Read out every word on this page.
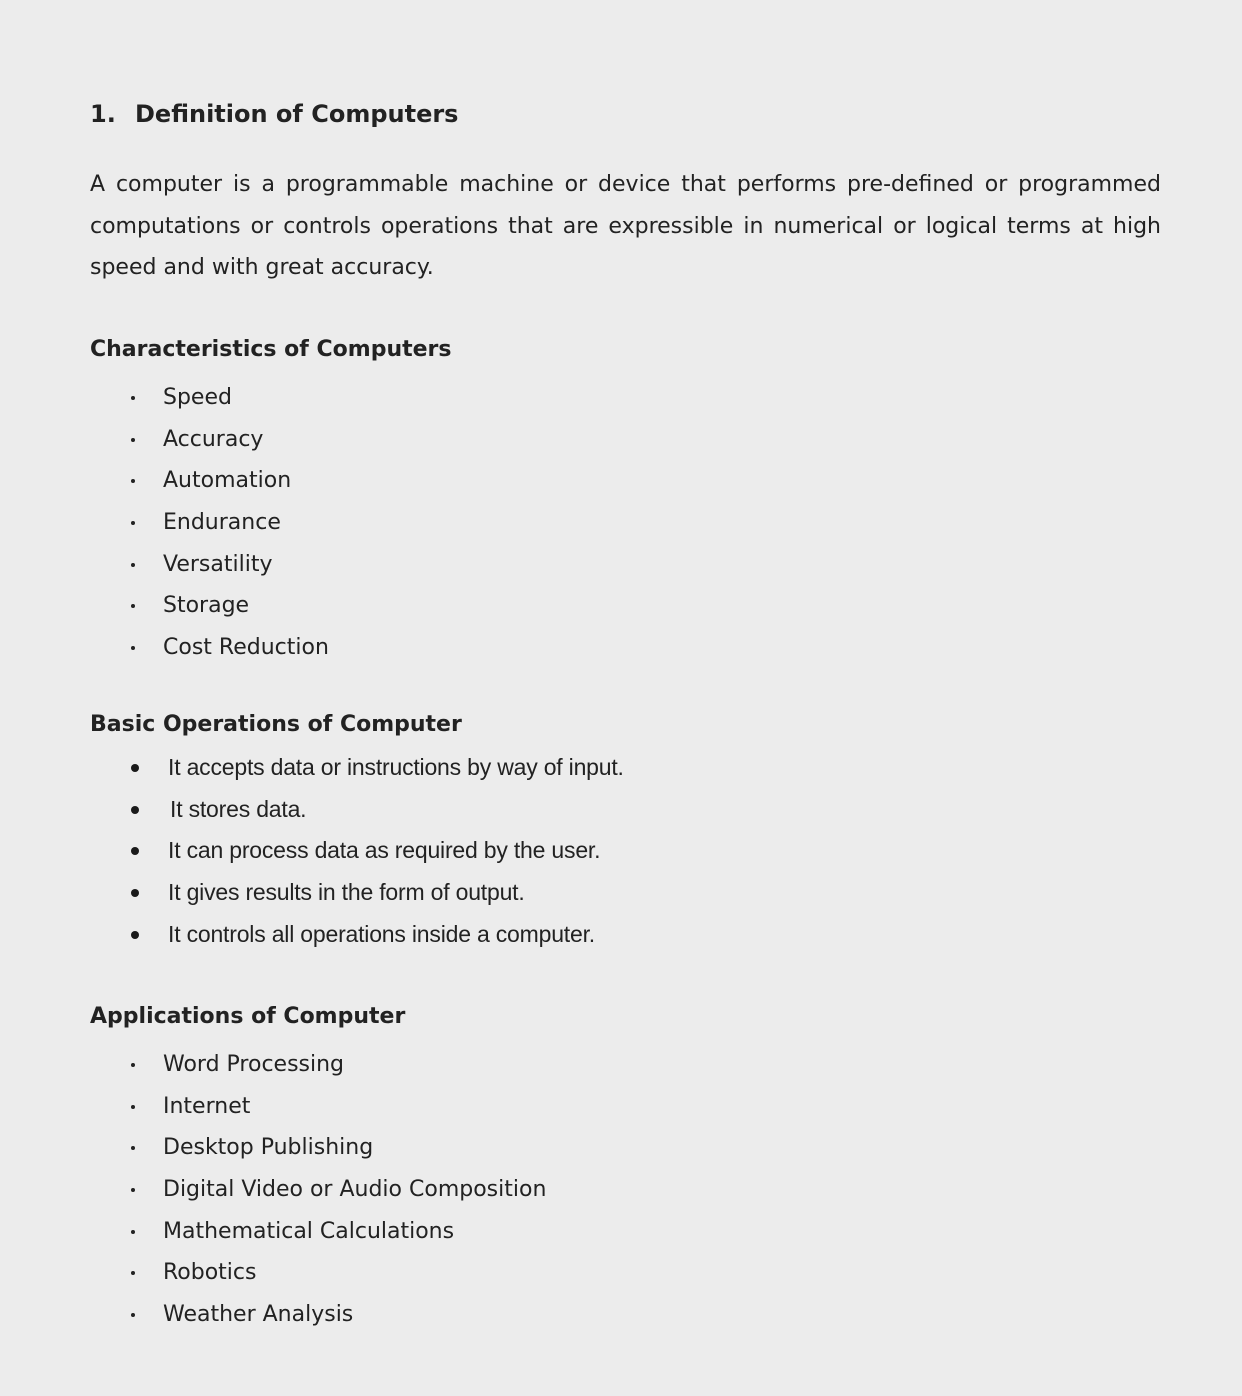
1. Definition of Computers

A computer is a programmable machine or device that performs pre-defined or programmed computations or controls operations that are expressible in numerical or logical terms at high speed and with great accuracy.

Characteristics of Computers
Speed
Accuracy
Automation
Endurance
Versatility
Storage
Cost Reduction
Basic Operations of Computer
It accepts data or instructions by way of input.
It stores data.
It can process data as required by the user.
It gives results in the form of output.
It controls all operations inside a computer.
Applications of Computer
Word Processing
Internet
Desktop Publishing
Digital Video or Audio Composition
Mathematical Calculations
Robotics
Weather Analysis
